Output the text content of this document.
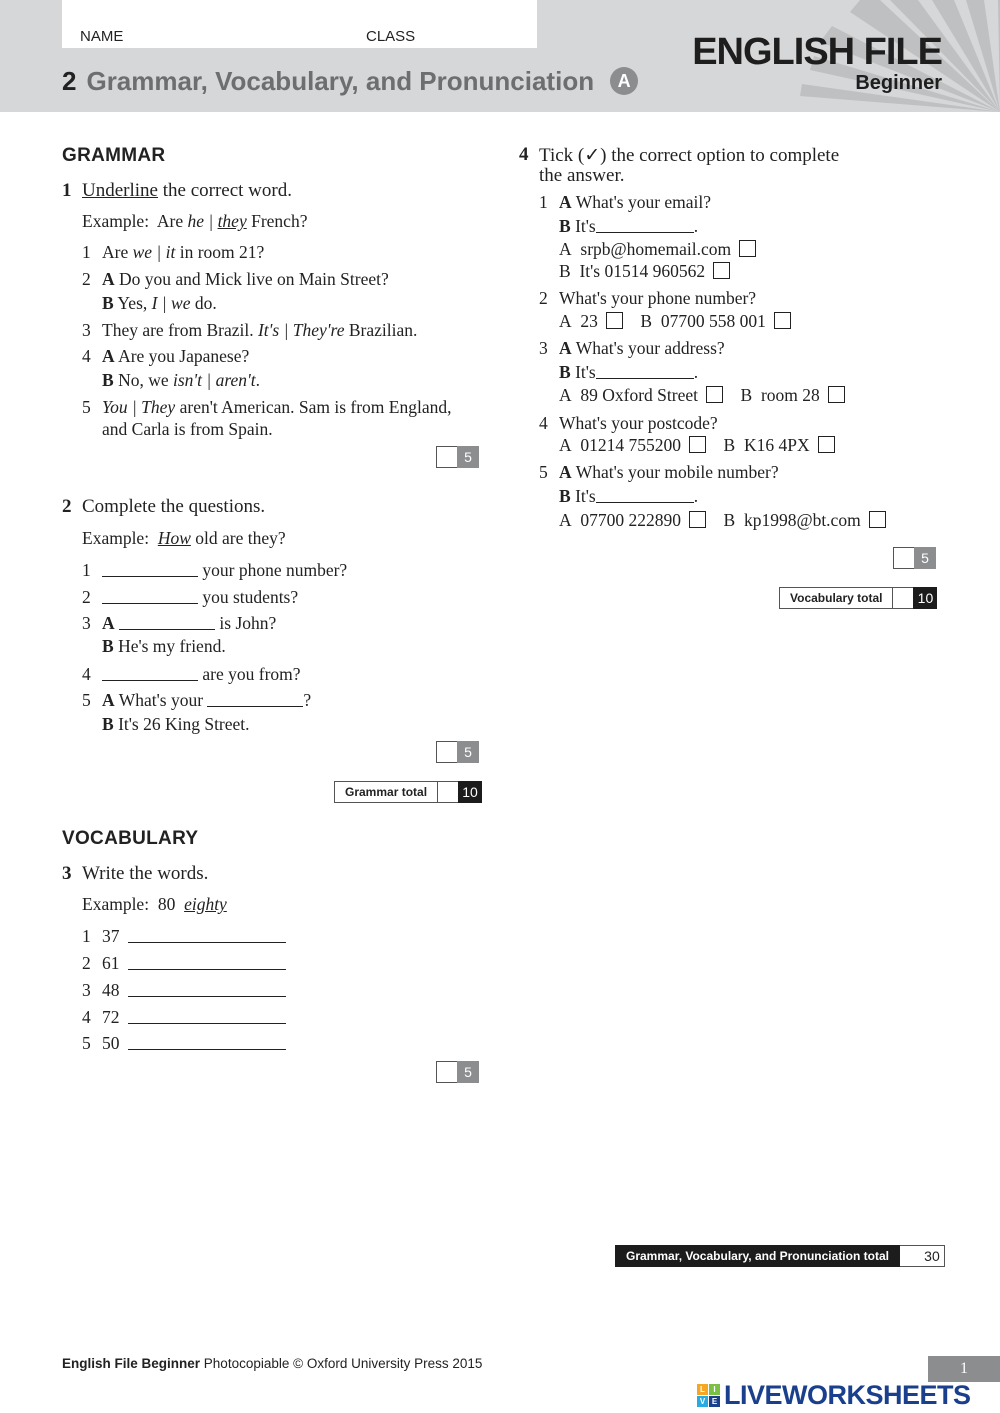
NAME	CLASS
2 Grammar, Vocabulary, and Pronunciation A
ENGLISH FILE
Beginner
GRAMMAR
1 Underline the correct word.
Example: Are he | they French?
1 Are we | it in room 21?
2 A Do you and Mick live on Main Street?
B Yes, I | we do.
3 They are from Brazil. It's | They're Brazilian.
4 A Are you Japanese?
B No, we isn't | aren't.
5 You | They aren't American. Sam is from England,
and Carla is from Spain.
5
2 Complete the questions.
Example: How old are they?
1	your phone number?
2	you students?
3 A	is John?
B He's my friend.
4	are you from?
5 A What's your	?
B It's 26 King Street.
5
Grammar total	10
VOCABULARY
3 Write the words.
Example: 80 eighty
1 37
2 61
3 48
4 72
5 50
5
4 Tick (✓) the correct option to complete
the answer.
1 A What's your email?
B It's	.
A srpb@homemail.com
B It's 01514 960562
2 What's your phone number?
A 23 B 07700 558 001
3 A What's your address?
B It's	.
A 89 Oxford Street B room 28
4 What's your postcode?
A 01214 755200 B K16 4PX
5 A What's your mobile number?
B It's	.
A 07700 222890 B kp1998@bt.com
5
Vocabulary total	10
Grammar, Vocabulary, and Pronunciation total	30
English File Beginner Photocopiable © Oxford University Press 2015	1
L	I
V E LIVEWORKSHEETS
